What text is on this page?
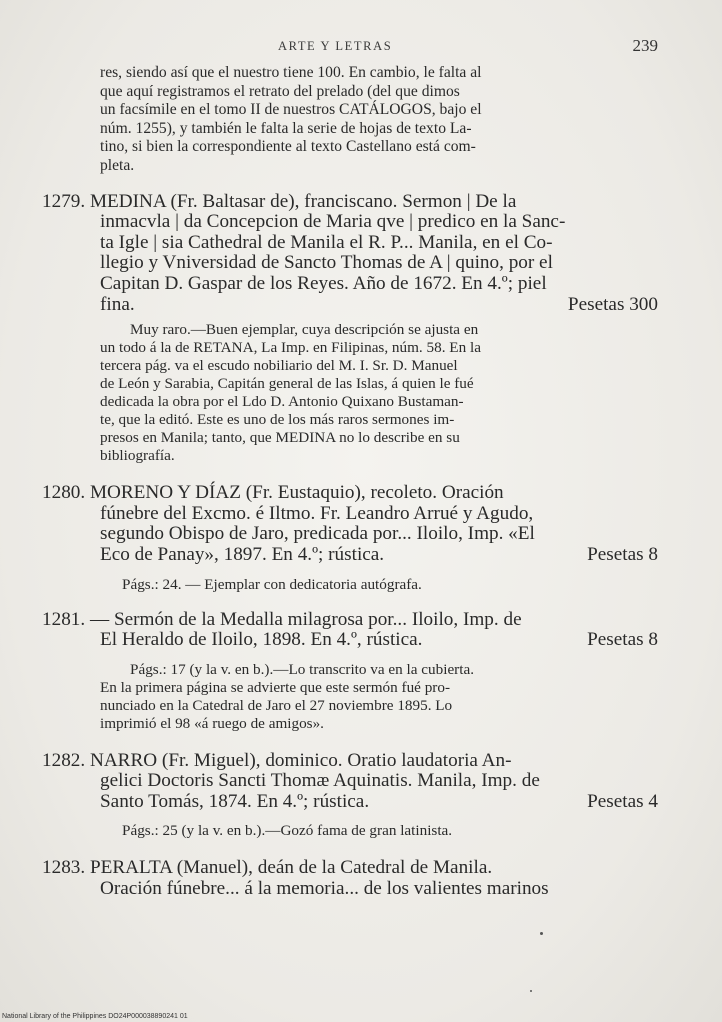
ARTE Y LETRAS	239
res, siendo así que el nuestro tiene 100. En cambio, le falta al
que aquí registramos el retrato del prelado (del que dimos
un facsímile en el tomo II de nuestros CATÁLOGOS, bajo el
núm. 1255), y también le falta la serie de hojas de texto La-
tino, si bien la correspondiente al texto Castellano está com-
pleta.
1279. MEDINA (Fr. Baltasar de), franciscano. Sermon | De la
inmacvla | da Concepcion de Maria qve | predico en la Sanc-
ta Igle | sia Cathedral de Manila el R. P... Manila, en el Co-
llegio y Vniversidad de Sancto Thomas de A | quino, por el
Capitan D. Gaspar de los Reyes. Año de 1672. En 4.º; piel
fina.	Pesetas 300
Muy raro.—Buen ejemplar, cuya descripción se ajusta en
un todo á la de RETANA, La Imp. en Filipinas, núm. 58. En la
tercera pág. va el escudo nobiliario del M. I. Sr. D. Manuel
de León y Sarabia, Capitán general de las Islas, á quien le fué
dedicada la obra por el Ldo D. Antonio Quixano Bustaman-
te, que la editó. Este es uno de los más raros sermones im-
presos en Manila; tanto, que MEDINA no lo describe en su
bibliografía.
1280. MORENO Y DÍAZ (Fr. Eustaquio), recoleto. Oración
fúnebre del Excmo. é Iltmo. Fr. Leandro Arrué y Agudo,
segundo Obispo de Jaro, predicada por... Iloilo, Imp. «El
Eco de Panay», 1897. En 4.º; rústica.	Pesetas 8
Págs.: 24. — Ejemplar con dedicatoria autógrafa.
1281. — Sermón de la Medalla milagrosa por... Iloilo, Imp. de
El Heraldo de Iloilo, 1898. En 4.º, rústica.	Pesetas 8
Págs.: 17 (y la v. en b.).—Lo transcrito va en la cubierta.
En la primera página se advierte que este sermón fué pro-
nunciado en la Catedral de Jaro el 27 noviembre 1895. Lo
imprimió el 98 «á ruego de amigos».
1282. NARRO (Fr. Miguel), dominico. Oratio laudatoria An-
gelici Doctoris Sancti Thomæ Aquinatis. Manila, Imp. de
Santo Tomás, 1874. En 4.º; rústica.	Pesetas 4
Págs.: 25 (y la v. en b.).—Gozó fama de gran latinista.
1283. PERALTA (Manuel), deán de la Catedral de Manila.
Oración fúnebre... á la memoria... de los valientes marinos
National Library of the Philippines DO24P000038890241 01
